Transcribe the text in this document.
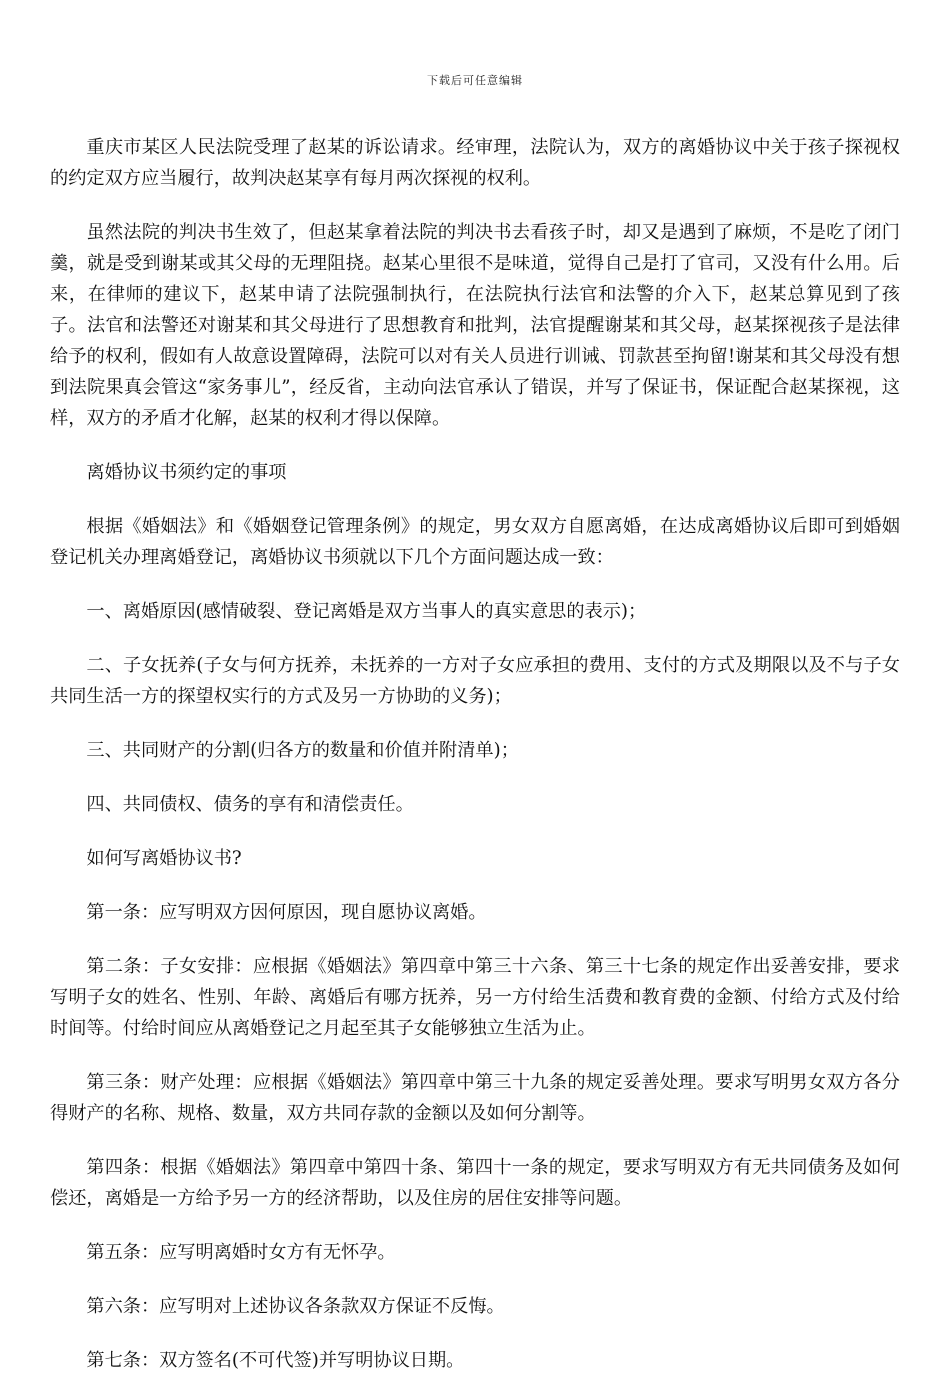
下载后可任意编辑

重庆市某区人民法院受理了赵某的诉讼请求。经审理，法院认为，双方的离婚协议中关于孩子探视权的约定双方应当履行，故判决赵某享有每月两次探视的权利。

虽然法院的判决书生效了，但赵某拿着法院的判决书去看孩子时，却又是遇到了麻烦，不是吃了闭门羹，就是受到谢某或其父母的无理阻挠。赵某心里很不是味道，觉得自己是打了官司，又没有什么用。后来，在律师的建议下，赵某申请了法院强制执行，在法院执行法官和法警的介入下，赵某总算见到了孩子。法官和法警还对谢某和其父母进行了思想教育和批判，法官提醒谢某和其父母，赵某探视孩子是法律给予的权利，假如有人故意设置障碍，法院可以对有关人员进行训诫、罚款甚至拘留!谢某和其父母没有想到法院果真会管这“家务事儿”，经反省，主动向法官承认了错误，并写了保证书，保证配合赵某探视，这样，双方的矛盾才化解，赵某的权利才得以保障。

离婚协议书须约定的事项

根据《婚姻法》和《婚姻登记管理条例》的规定，男女双方自愿离婚，在达成离婚协议后即可到婚姻登记机关办理离婚登记，离婚协议书须就以下几个方面问题达成一致：

一、离婚原因(感情破裂、登记离婚是双方当事人的真实意思的表示)；

二、子女抚养(子女与何方抚养，未抚养的一方对子女应承担的费用、支付的方式及期限以及不与子女共同生活一方的探望权实行的方式及另一方协助的义务)；

三、共同财产的分割(归各方的数量和价值并附清单)；

四、共同债权、债务的享有和清偿责任。

如何写离婚协议书?

第一条：应写明双方因何原因，现自愿协议离婚。

第二条：子女安排：应根据《婚姻法》第四章中第三十六条、第三十七条的规定作出妥善安排，要求写明子女的姓名、性别、年龄、离婚后有哪方抚养，另一方付给生活费和教育费的金额、付给方式及付给时间等。付给时间应从离婚登记之月起至其子女能够独立生活为止。

第三条：财产处理：应根据《婚姻法》第四章中第三十九条的规定妥善处理。要求写明男女双方各分得财产的名称、规格、数量，双方共同存款的金额以及如何分割等。

第四条：根据《婚姻法》第四章中第四十条、第四十一条的规定，要求写明双方有无共同债务及如何偿还，离婚是一方给予另一方的经济帮助，以及住房的居住安排等问题。

第五条：应写明离婚时女方有无怀孕。

第六条：应写明对上述协议各条款双方保证不反悔。

第七条：双方签名(不可代签)并写明协议日期。
